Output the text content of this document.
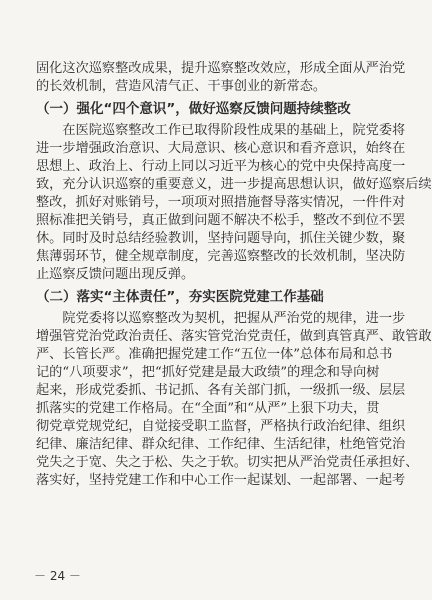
固化这次巡察整改成果，提升巡察整改效应，形成全面从严治党
的长效机制，营造风清气正、干事创业的新常态。
（一）强化“四个意识”，做好巡察反馈问题持续整改
　　在医院巡察整改工作已取得阶段性成果的基础上，院党委将
进一步增强政治意识、大局意识、核心意识和看齐意识，始终在
思想上、政治上、行动上同以习近平为核心的党中央保持高度一
致，充分认识巡察的重要意义，进一步提高思想认识，做好巡察后续
整改，抓好对账销号，一项项对照措施督导落实情况，一件件对
照标准把关销号，真正做到问题不解决不松手，整改不到位不罢
休。同时及时总结经验教训，坚持问题导向，抓住关键少数，聚
焦薄弱环节，健全规章制度，完善巡察整改的长效机制，坚决防
止巡察反馈问题出现反弹。
（二）落实“主体责任”，夯实医院党建工作基础
　　院党委将以巡察整改为契机，把握从严治党的规律，进一步
增强管党治党政治责任、落实管党治党责任，做到真管真严、敢管敢
严、长管长严。准确把握党建工作“五位一体”总体布局和总书
记的“八项要求”，把“抓好党建是最大政绩”的理念和导向树
起来，形成党委抓、书记抓、各有关部门抓，一级抓一级、层层
抓落实的党建工作格局。在“全面”和“从严”上狠下功夫，贯
彻党章党规党纪，自觉接受职工监督，严格执行政治纪律、组织
纪律、廉洁纪律、群众纪律、工作纪律、生活纪律，杜绝管党治
党失之于宽、失之于松、失之于软。切实把从严治党责任承担好、
落实好，坚持党建工作和中心工作一起谋划、一起部署、一起考
－ 24 －
